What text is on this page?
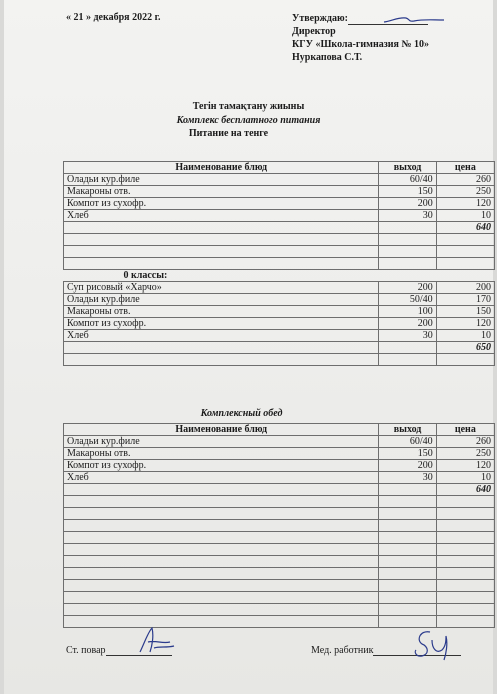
« 21 » декабря 2022 г.	Утверждаю:
Директор
КГУ «Школа-гимназия № 10»
Нуркапова С.Т.
Тегін тамақтану жиыны
Комплекс бесплатного питания
Питание на тенге
Наименование блюд	выход	цена
Оладьи кур.филе	60/40	260
Макароны отв.	150	250
Компот из сухофр.	200	120
Хлеб	30	10
		640

0 классы:		
Суп рисовый «Харчо»	200	200
Оладьи кур.филе	50/40	170
Макароны отв.	100	150
Компот из сухофр.	200	120
Хлеб	30	10
		650

Комплексный обед
Наименование блюд	выход	цена
Оладьи кур.филе	60/40	260
Макароны отв.	150	250
Компот из сухофр.	200	120
Хлеб	30	10
		640

Ст. повар	Мед. работник
